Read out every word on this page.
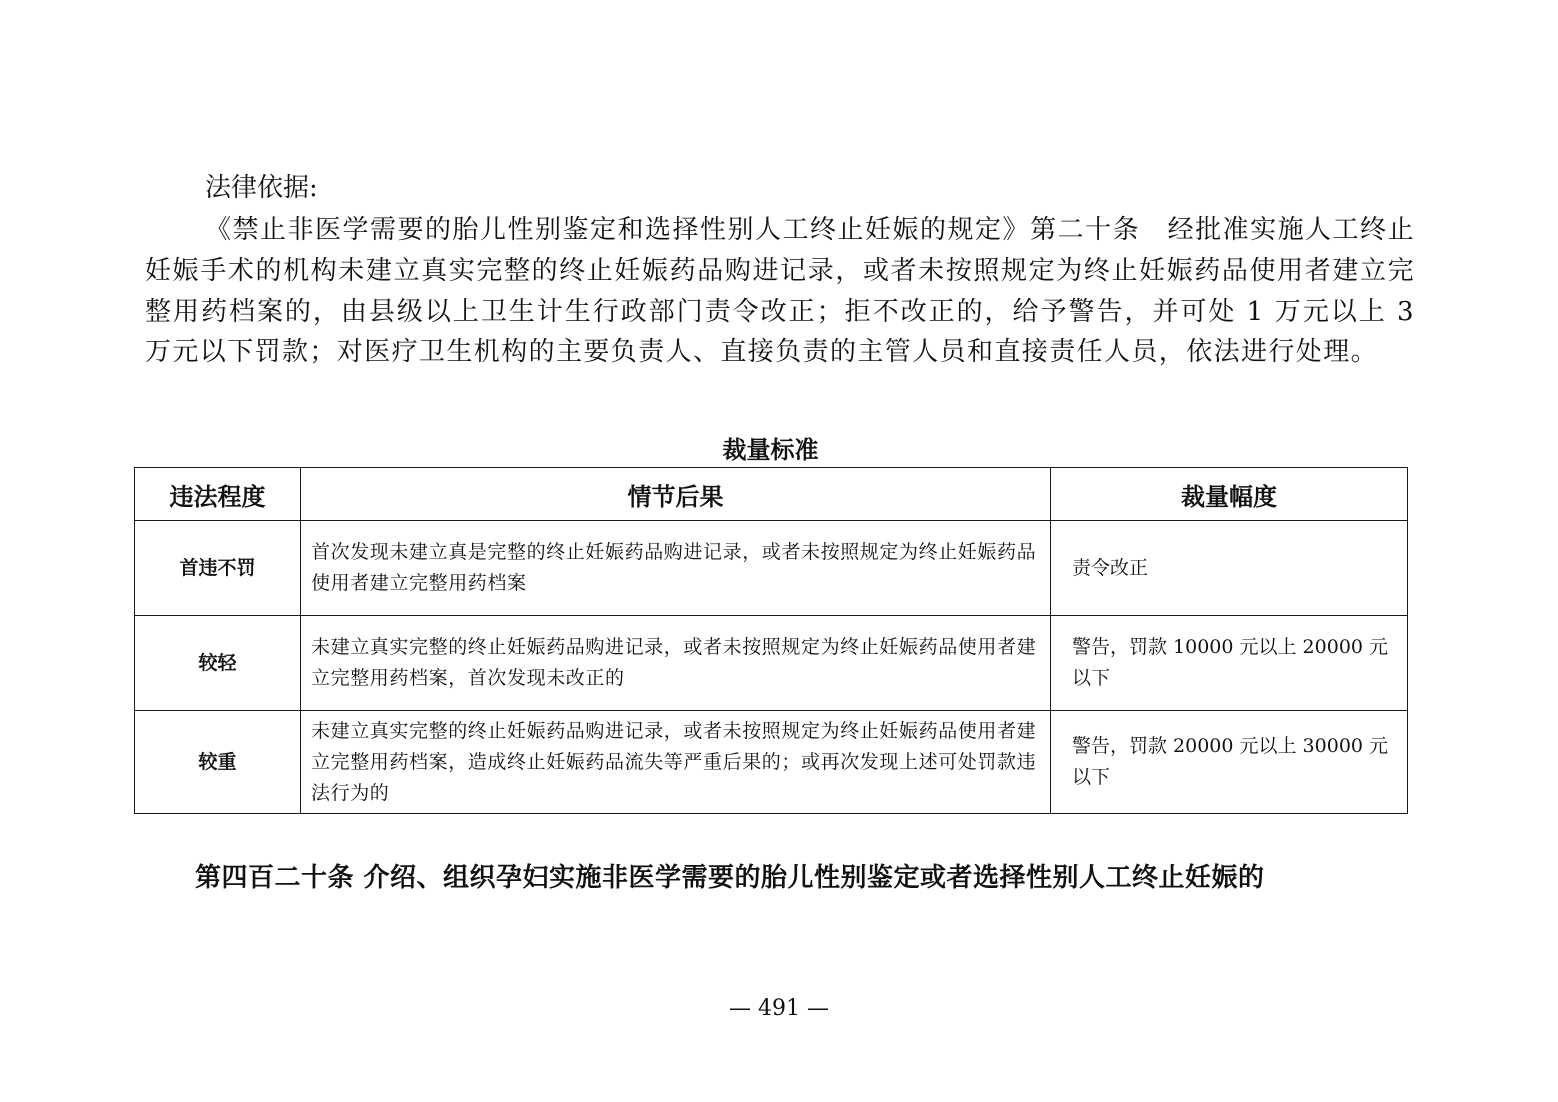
法律依据:

《禁止非医学需要的胎儿性别鉴定和选择性别人工终止妊娠的规定》第二十条　经批准实施人工终止妊娠手术的机构未建立真实完整的终止妊娠药品购进记录，或者未按照规定为终止妊娠药品使用者建立完整用药档案的，由县级以上卫生计生行政部门责令改正；拒不改正的，给予警告，并可处 1 万元以上 3 万元以下罚款；对医疗卫生机构的主要负责人、直接负责的主管人员和直接责任人员，依法进行处理。

裁量标准

违法程度	情节后果	裁量幅度
首违不罚	首次发现未建立真是完整的终止妊娠药品购进记录，或者未按照规定为终止妊娠药品使用者建立完整用药档案	责令改正
较轻	未建立真实完整的终止妊娠药品购进记录，或者未按照规定为终止妊娠药品使用者建立完整用药档案，首次发现未改正的	警告，罚款 10000 元以上 20000 元以下
较重	未建立真实完整的终止妊娠药品购进记录，或者未按照规定为终止妊娠药品使用者建立完整用药档案，造成终止妊娠药品流失等严重后果的；或再次发现上述可处罚款违法行为的	警告，罚款 20000 元以上 30000 元以下

第四百二十条 介绍、组织孕妇实施非医学需要的胎儿性别鉴定或者选择性别人工终止妊娠的

— 491 —
